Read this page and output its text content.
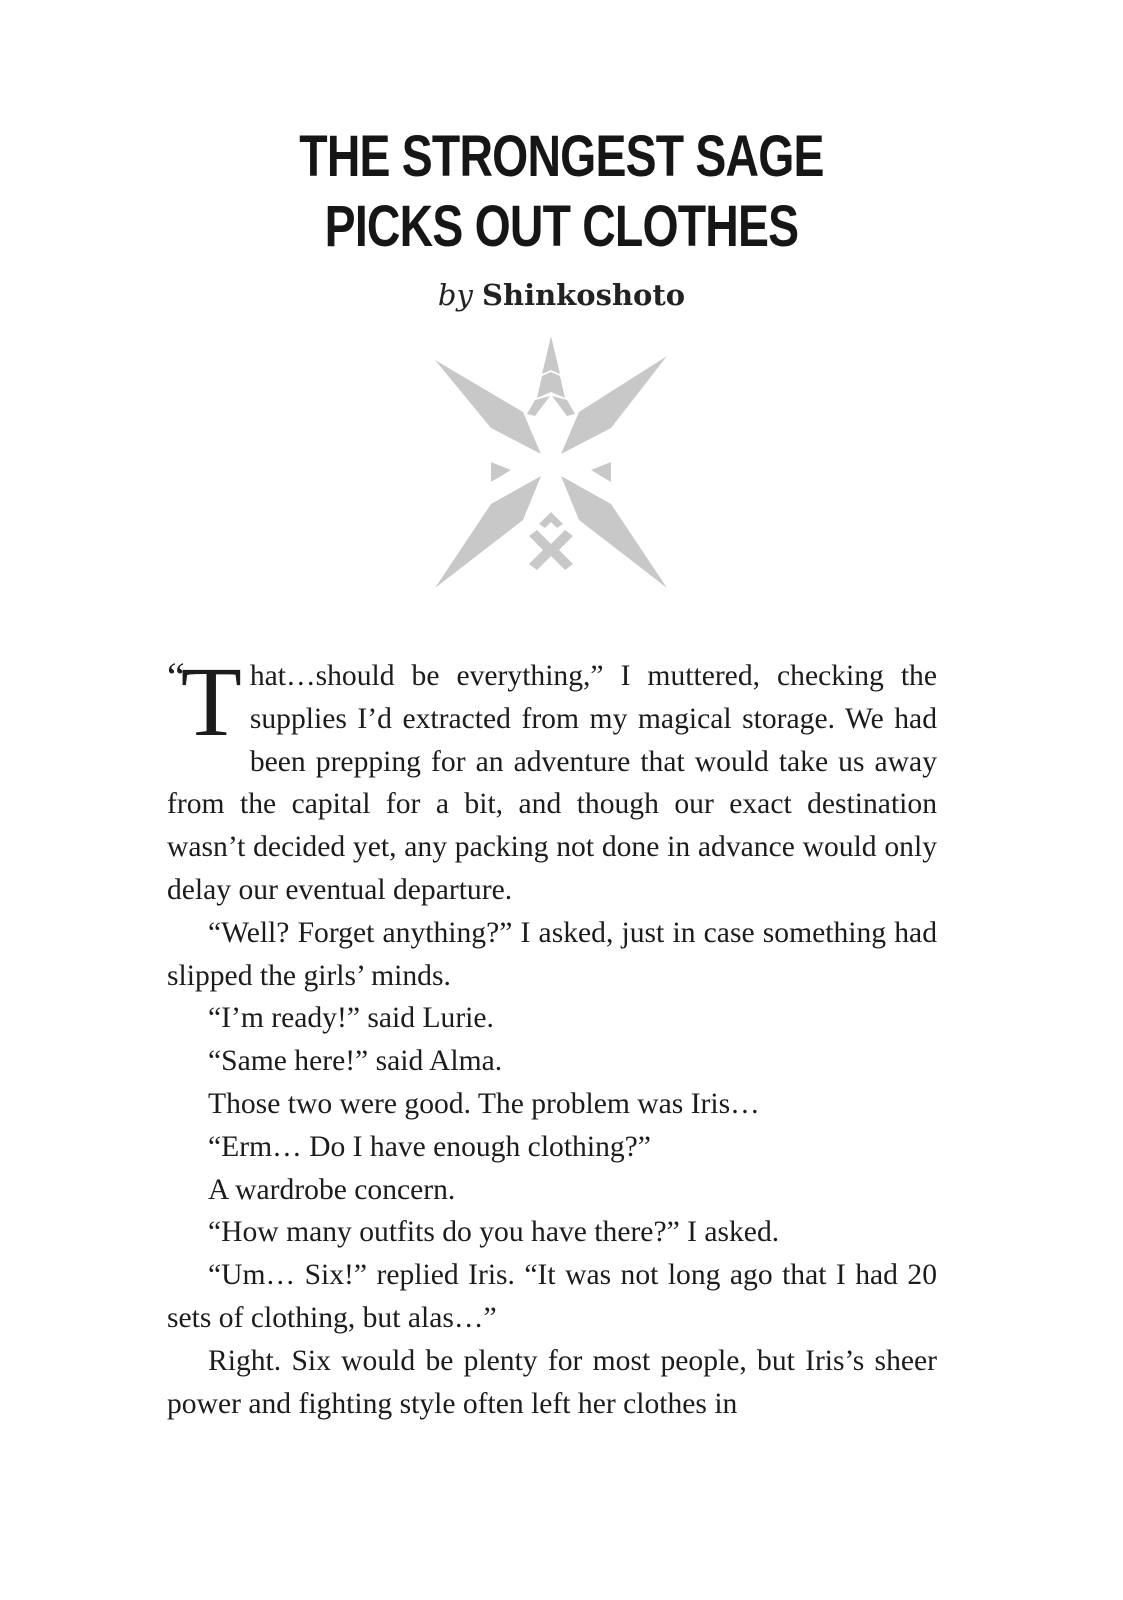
THE STRONGEST SAGE
PICKS OUT CLOTHES
by Shinkoshoto

“
T hat…should be everything,” I muttered, checking the supplies I’d extracted from my magical storage. We had been prepping for an adventure that would take us away from the capital for a bit, and though our exact destination wasn’t decided yet, any packing not done in advance would only delay our eventual departure.

“Well? Forget anything?” I asked, just in case something had slipped the girls’ minds.

“I’m ready!” said Lurie.

“Same here!” said Alma.

Those two were good. The problem was Iris…

“Erm… Do I have enough clothing?”

A wardrobe concern.

“How many outfits do you have there?” I asked.

“Um… Six!” replied Iris. “It was not long ago that I had 20 sets of clothing, but alas…”

Right. Six would be plenty for most people, but Iris’s sheer power and fighting style often left her clothes in
